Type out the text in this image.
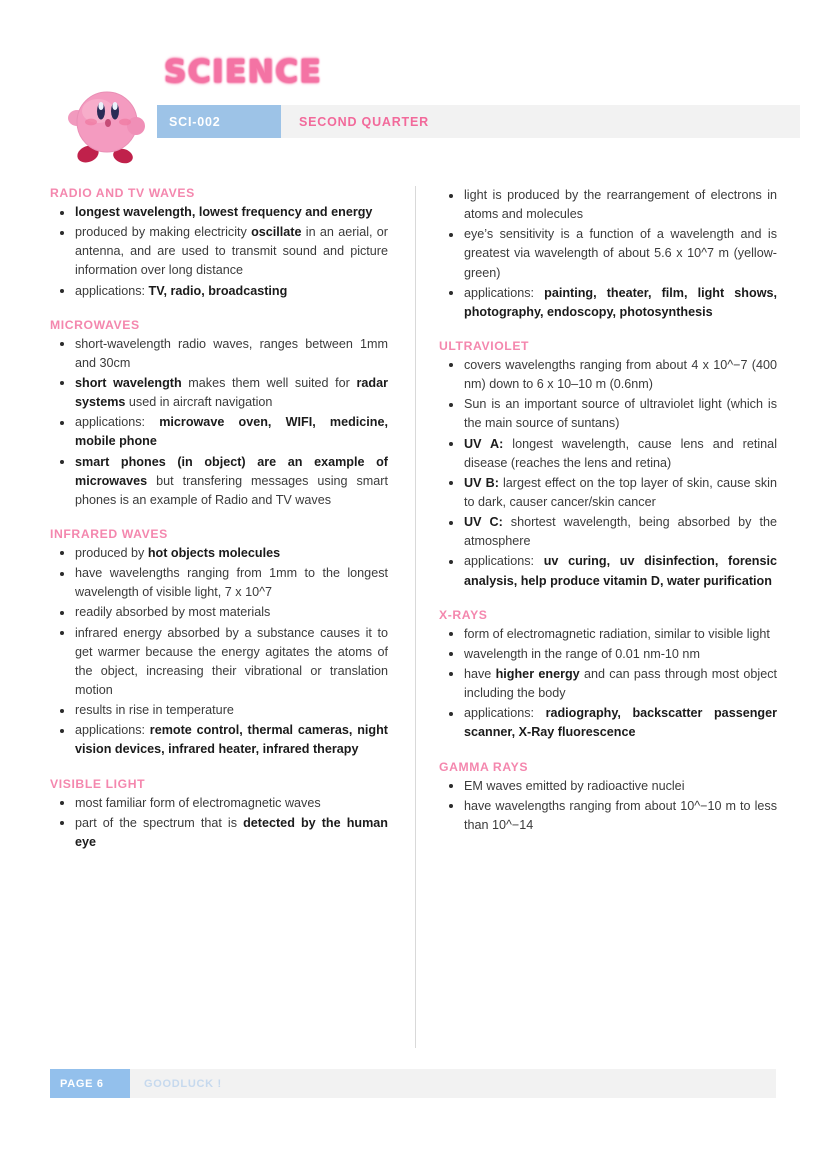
SCIENCE
SCI-002	SECOND QUARTER
RADIO AND TV WAVES
longest wavelength, lowest frequency and energy
produced by making electricity oscillate in an aerial, or antenna, and are used to transmit sound and picture information over long distance
applications: TV, radio, broadcasting
MICROWAVES
short-wavelength radio waves, ranges between 1mm and 30cm
short wavelength makes them well suited for radar systems used in aircraft navigation
applications: microwave oven, WIFI, medicine, mobile phone
smart phones (in object) are an example of microwaves but transfering messages using smart phones is an example of Radio and TV waves
INFRARED WAVES
produced by hot objects molecules
have wavelengths ranging from 1mm to the longest wavelength of visible light, 7 x 10^7
readily absorbed by most materials
infrared energy absorbed by a substance causes it to get warmer because the energy agitates the atoms of the object, increasing their vibrational or translation motion
results in rise in temperature
applications: remote control, thermal cameras, night vision devices, infrared heater, infrared therapy
VISIBLE LIGHT
most familiar form of electromagnetic waves
part of the spectrum that is detected by the human eye
light is produced by the rearrangement of electrons in atoms and molecules
eye’s sensitivity is a function of a wavelength and is greatest via wavelength of about 5.6 x 10^7 m (yellow-green)
applications: painting, theater, film, light shows, photography, endoscopy, photosynthesis
ULTRAVIOLET
covers wavelengths ranging from about 4 x 10^−7 (400 nm) down to 6 x 10–10 m (0.6nm)
Sun is an important source of ultraviolet light (which is the main source of suntans)
UV A: longest wavelength, cause lens and retinal disease (reaches the lens and retina)
UV B: largest effect on the top layer of skin, cause skin to dark, causer cancer/skin cancer
UV C: shortest wavelength, being absorbed by the atmosphere
applications: uv curing, uv disinfection, forensic analysis, help produce vitamin D, water purification
X-RAYS
form of electromagnetic radiation, similar to visible light
wavelength in the range of 0.01 nm-10 nm
have higher energy and can pass through most object including the body
applications: radiography, backscatter passenger scanner, X-Ray fluorescence
GAMMA RAYS
EM waves emitted by radioactive nuclei
have wavelengths ranging from about 10^−10 m to less than 10^−14
PAGE 6	GOODLUCK !
